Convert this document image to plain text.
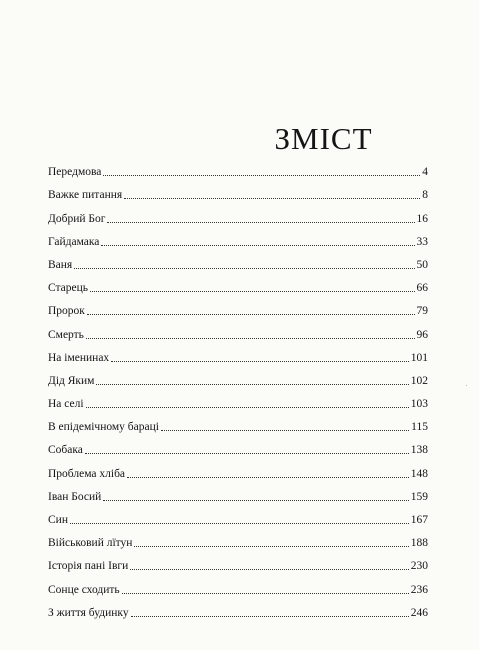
ЗМІСТ
Передмова	4
Важке питання	8
Добрий Бог	16
Гайдамака	33
Ваня	50
Старець	66
Пророк	79
Смерть	96
На іменинах	101
Дід Яким	102
На селі	103
В епідемічному бараці	115
Собака	138
Проблема хліба	148
Іван Босий	159
Син	167
Військовий лїтун	188
Історія пані Івги	230
Сонце сходить	236
З життя будинку	246
